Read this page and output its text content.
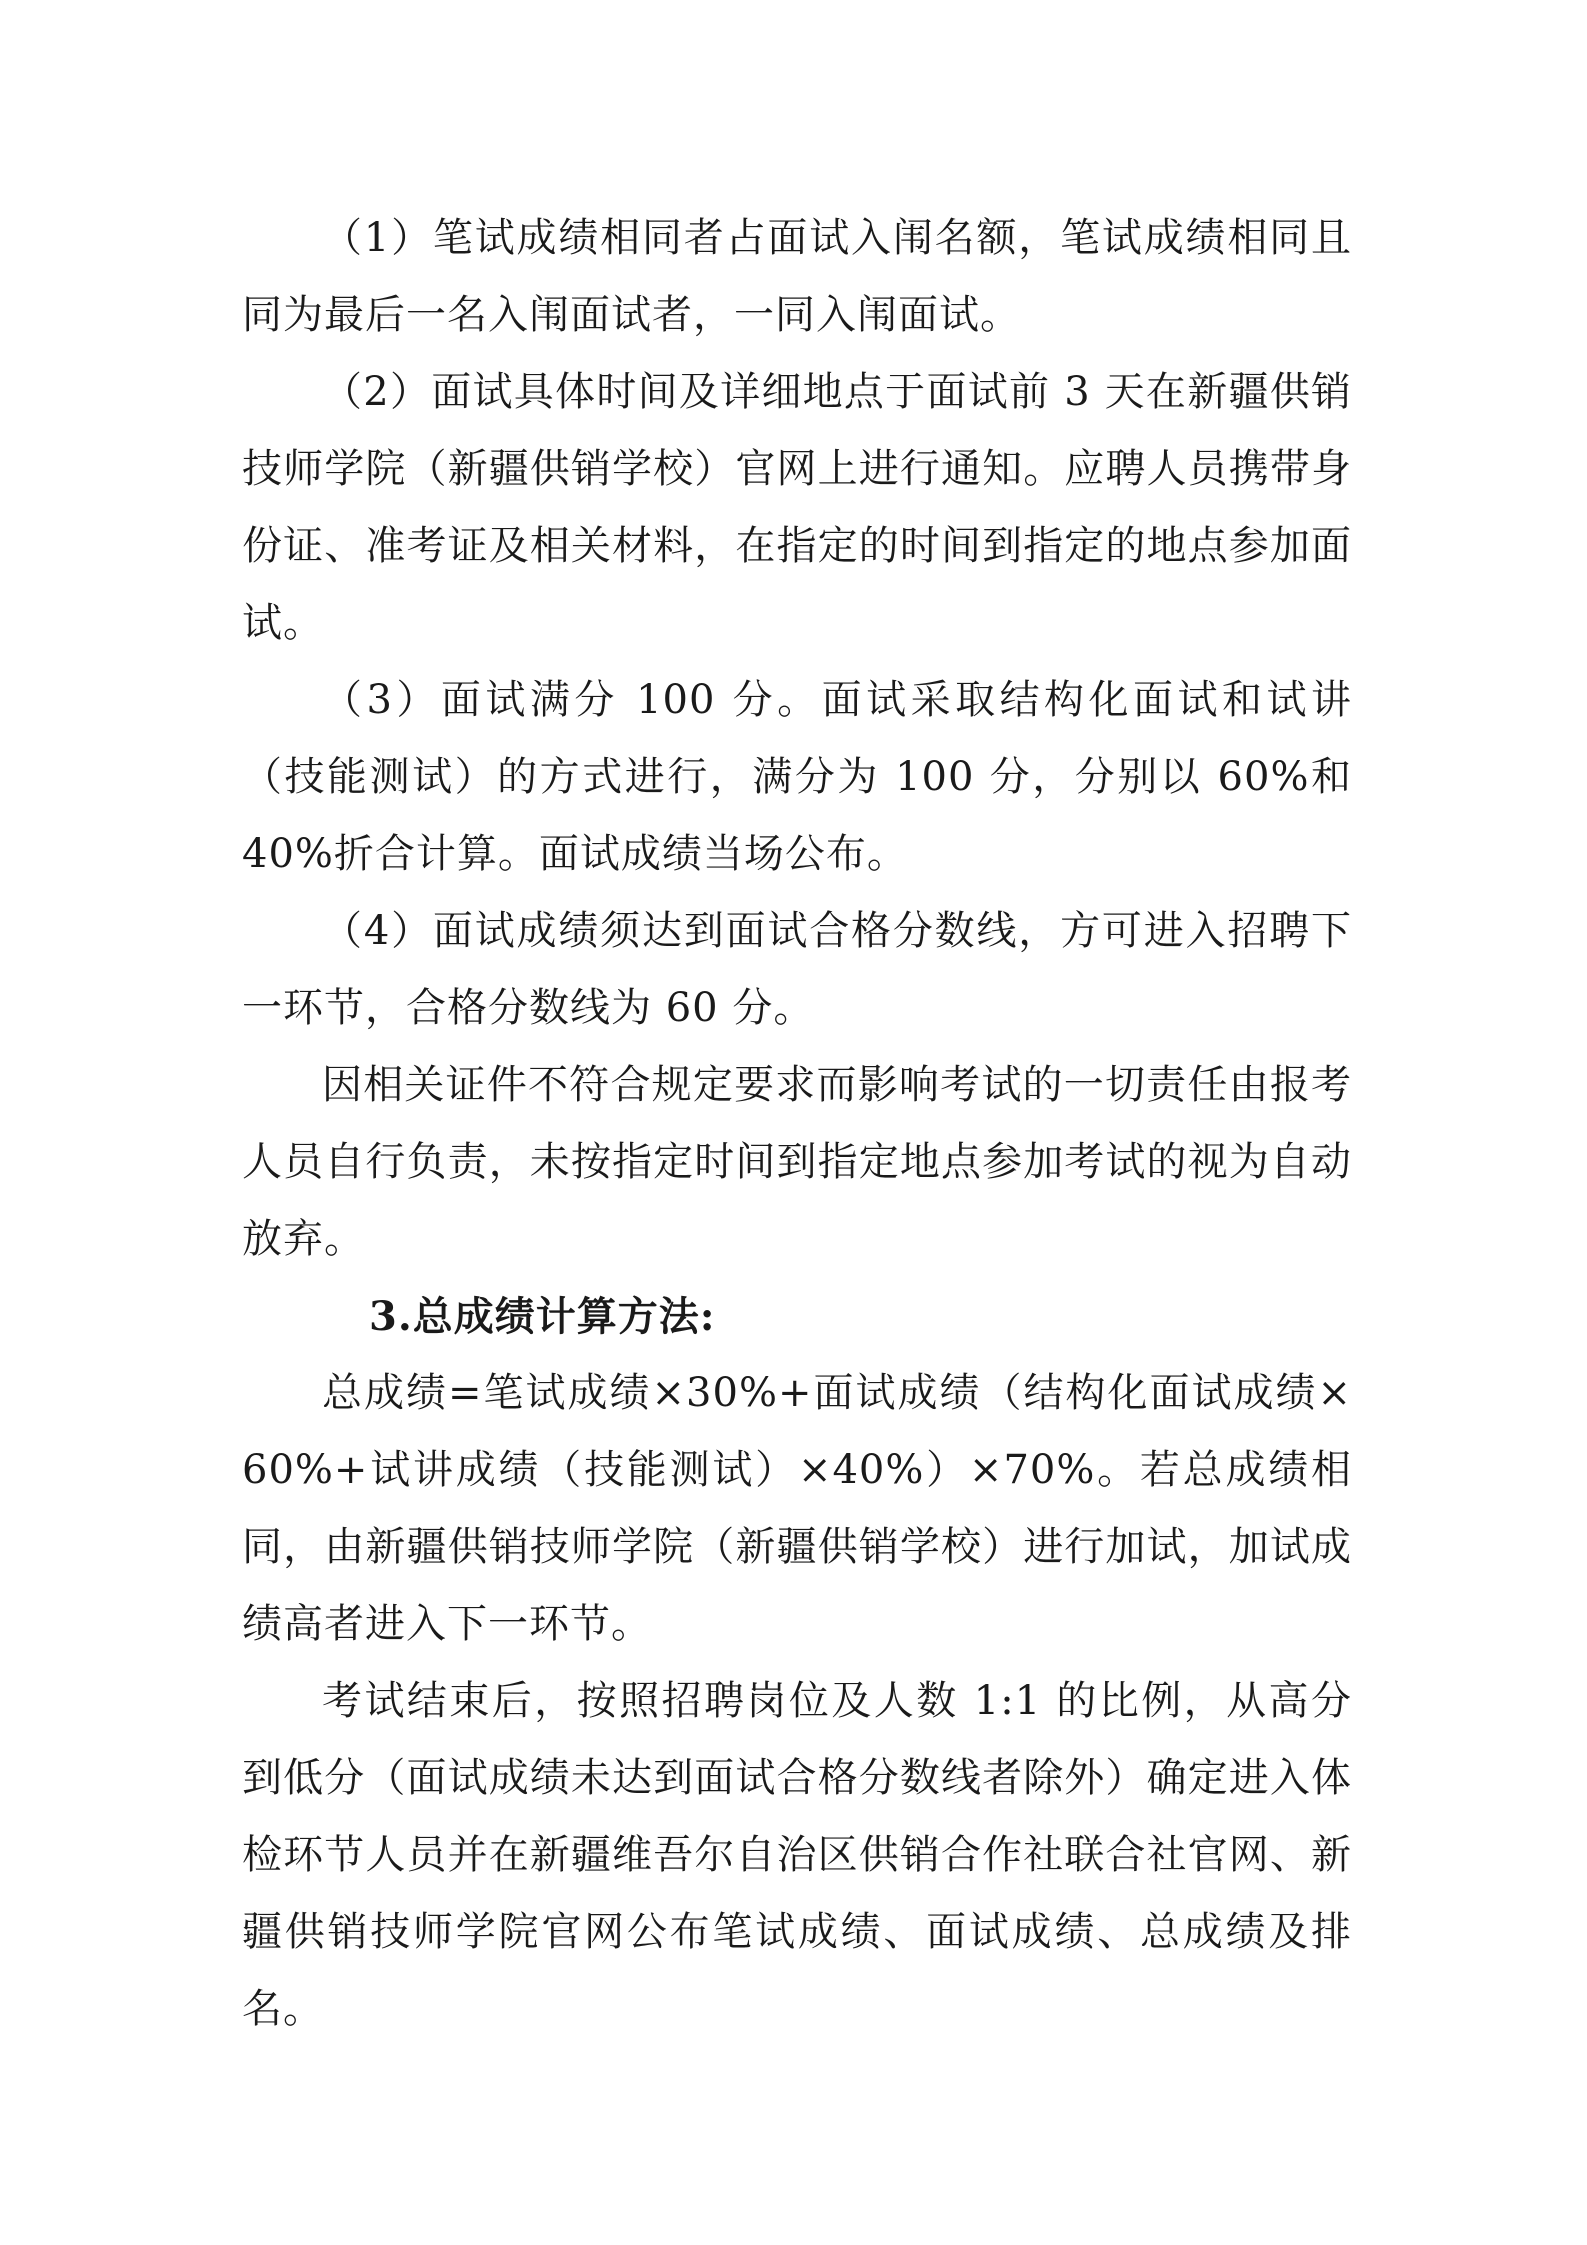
（1）笔试成绩相同者占面试入闱名额，笔试成绩相同且同为最后一名入闱面试者，一同入闱面试。

（2）面试具体时间及详细地点于面试前 3 天在新疆供销技师学院（新疆供销学校）官网上进行通知。应聘人员携带身份证、准考证及相关材料，在指定的时间到指定的地点参加面试。

（3）面试满分 100 分。面试采取结构化面试和试讲（技能测试）的方式进行，满分为 100 分，分别以 60%和 40%折合计算。面试成绩当场公布。

（4）面试成绩须达到面试合格分数线，方可进入招聘下一环节，合格分数线为 60 分。

因相关证件不符合规定要求而影响考试的一切责任由报考人员自行负责，未按指定时间到指定地点参加考试的视为自动放弃。

3.总成绩计算方法:

总成绩=笔试成绩×30%+面试成绩（结构化面试成绩×60%+试讲成绩（技能测试）×40%）×70%。若总成绩相同，由新疆供销技师学院（新疆供销学校）进行加试，加试成绩高者进入下一环节。

考试结束后，按照招聘岗位及人数 1:1 的比例，从高分到低分（面试成绩未达到面试合格分数线者除外）确定进入体检环节人员并在新疆维吾尔自治区供销合作社联合社官网、新疆供销技师学院官网公布笔试成绩、面试成绩、总成绩及排名。
